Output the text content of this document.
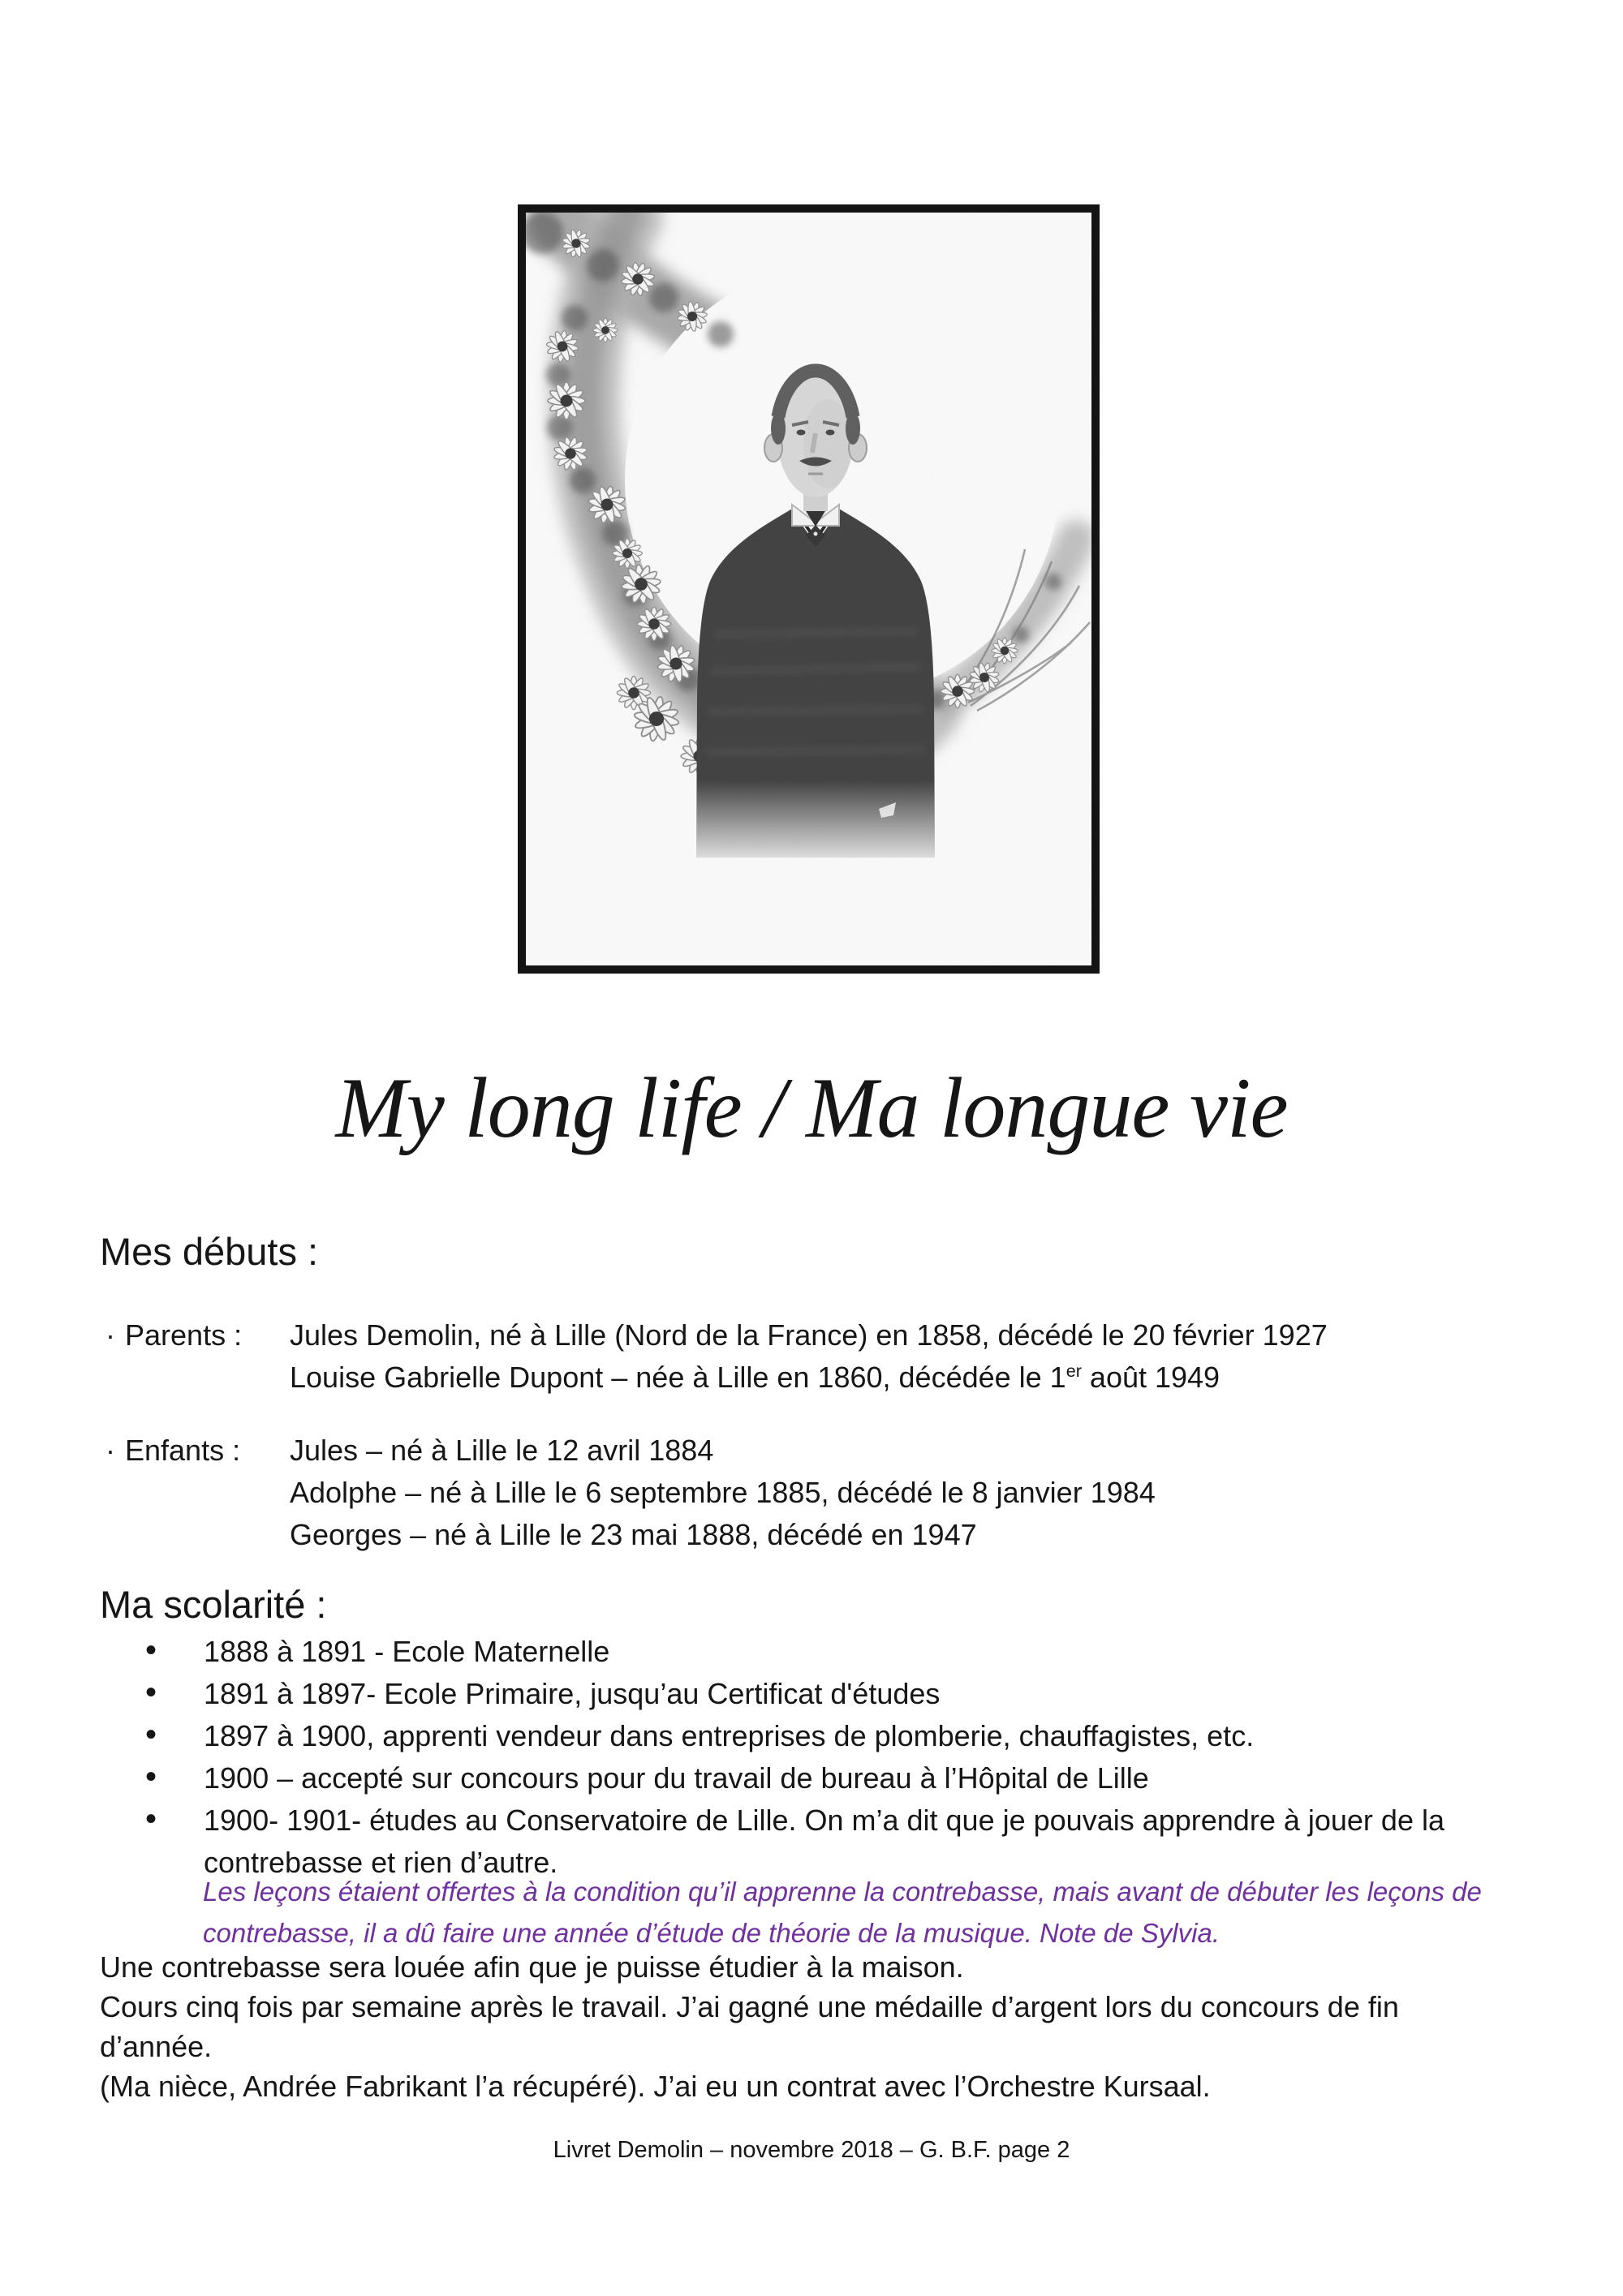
My long life / Ma longue vie
Mes débuts :
· Parents :	Jules Demolin, né à Lille (Nord de la France) en 1858, décédé le 20 février 1927
Louise Gabrielle Dupont – née à Lille en 1860, décédée le 1er août 1949
· Enfants :	Jules – né à Lille le 12 avril 1884
Adolphe – né à Lille le 6 septembre 1885, décédé le 8 janvier 1984
Georges – né à Lille le 23 mai 1888, décédé en 1947
Ma scolarité :
• 1888 à 1891 - Ecole Maternelle
• 1891 à 1897- Ecole Primaire, jusqu’au Certificat d'études
• 1897 à 1900, apprenti vendeur dans entreprises de plomberie, chauffagistes, etc.
• 1900 – accepté sur concours pour du travail de bureau à l’Hôpital de Lille
• 1900- 1901- études au Conservatoire de Lille. On m’a dit que je pouvais apprendre à jouer de la contrebasse et rien d’autre.
Les leçons étaient offertes à la condition qu’il apprenne la contrebasse, mais avant de débuter les leçons de
contrebasse, il a dû faire une année d’étude de théorie de la musique. Note de Sylvia.
Une contrebasse sera louée afin que je puisse étudier à la maison.
Cours cinq fois par semaine après le travail. J’ai gagné une médaille d’argent lors du concours de fin
d’année.
(Ma nièce, Andrée Fabrikant l’a récupéré). J’ai eu un contrat avec l’Orchestre Kursaal.
Livret Demolin – novembre 2018 – G. B.F. page 2
